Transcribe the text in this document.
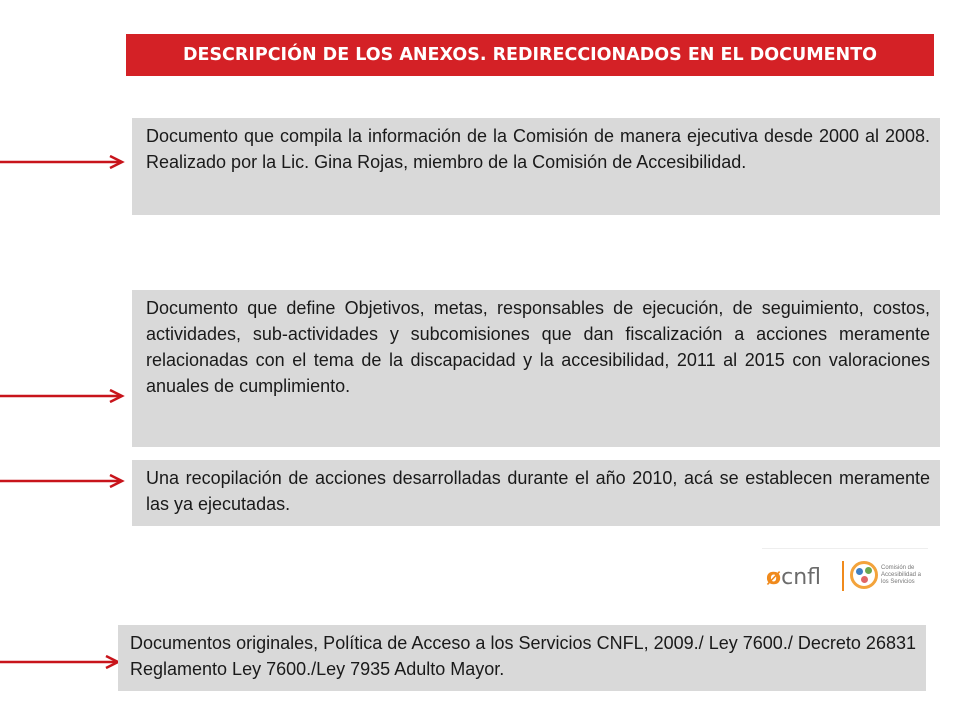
DESCRIPCIÓN DE LOS ANEXOS. REDIRECCIONADOS EN EL DOCUMENTO
Documento que compila la información de la Comisión de manera ejecutiva desde 2000 al 2008. Realizado por la Lic. Gina Rojas, miembro de la Comisión de Accesibilidad.
Documento que define Objetivos, metas, responsables de ejecución, de seguimiento, costos, actividades, sub-actividades y subcomisiones que dan fiscalización a acciones meramente relacionadas con el tema de la discapacidad y la accesibilidad, 2011 al 2015 con valoraciones anuales de cumplimiento.
Una recopilación de acciones desarrolladas durante el año 2010, acá se establecen meramente las ya ejecutadas.
Documentos originales, Política de Acceso a los Servicios CNFL, 2009./ Ley 7600./ Decreto 26831 Reglamento Ley 7600./Ley 7935 Adulto Mayor.
øcnfl	Comisión de Accesibilidad a los Servicios
